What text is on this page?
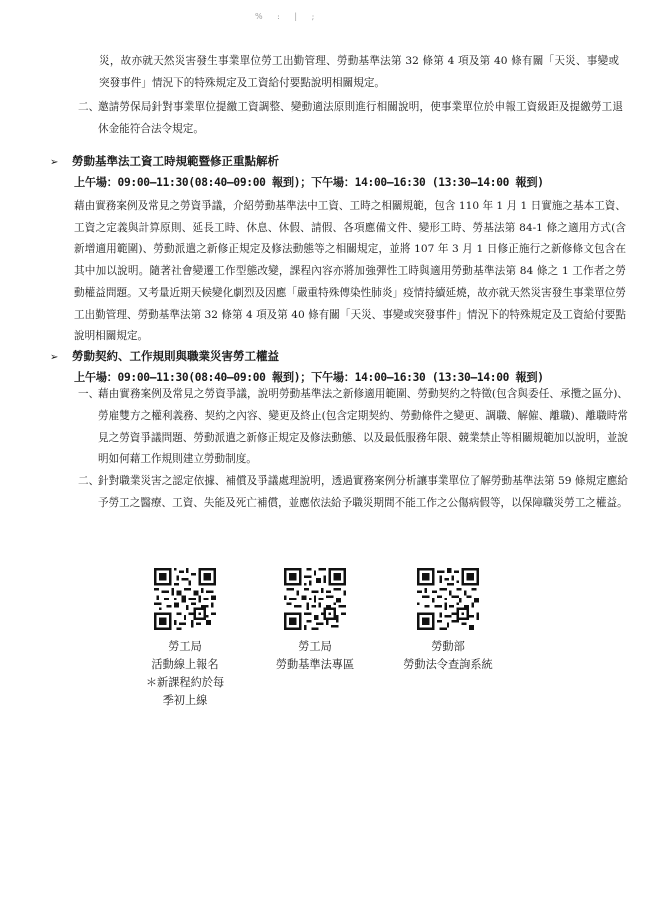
% : | ;

災，故亦就天然災害發生事業單位勞工出勤管理、勞動基準法第 32 條第 4 項及第 40 條有關「天災、事變或突發事件」情況下的特殊規定及工資給付要點說明相關規定。

二、
邀請勞保局針對事業單位提繳工資調整、變動適法原則進行相關說明，使事業單位於申報工資級距及提繳勞工退休金能符合法令規定。
➢ 勞動基準法工資工時規範暨修正重點解析
上午場：09:00—11:30(08:40—09:00 報到)；下午場：14:00—16:30 (13:30—14:00 報到)

藉由實務案例及常見之勞資爭議，介紹勞動基準法中工資、工時之相關規範，包含 110 年 1 月 1 日實施之基本工資、工資之定義與計算原則、延長工時、休息、休假、請假、各項應備文件、變形工時、勞基法第 84-1 條之適用方式(含新增適用範圍)、勞動派遣之新修正規定及修法動態等之相關規定，並將 107 年 3 月 1 日修正施行之新修條文包含在其中加以說明。隨著社會變遷工作型態改變，課程內容亦將加強彈性工時與適用勞動基準法第 84 條之 1 工作者之勞動權益問題。又考量近期天候變化劇烈及因應「嚴重特殊傳染性肺炎」疫情持續延燒，故亦就天然災害發生事業單位勞工出勤管理、勞動基準法第 32 條第 4 項及第 40 條有關「天災、事變或突發事件」情況下的特殊規定及工資給付要點說明相關規定。

➢ 勞動契約、工作規則與職業災害勞工權益
上午場：09:00—11:30(08:40—09:00 報到)；下午場：14:00—16:30 (13:30—14:00 報到)
一、
藉由實務案例及常見之勞資爭議，說明勞動基準法之新修適用範圍、勞動契約之特徵(包含與委任、承攬之區分)、勞雇雙方之權利義務、契約之內容、變更及終止(包含定期契約、勞動條件之變更、調職、解僱、離職)、離職時常見之勞資爭議問題、勞動派遣之新修正規定及修法動態、以及最低服務年限、競業禁止等相關規範加以說明，並說明如何藉工作規則建立勞動制度。
二、
針對職業災害之認定依據、補償及爭議處理說明，透過實務案例分析讓事業單位了解勞動基準法第 59 條規定應給予勞工之醫療、工資、失能及死亡補償，並應依法給予職災期間不能工作之公傷病假等，以保障職災勞工之權益。
勞工局
活動線上報名
＊新課程約於每
季初上線
勞工局
勞動基準法專區
勞動部
勞動法令查詢系統
